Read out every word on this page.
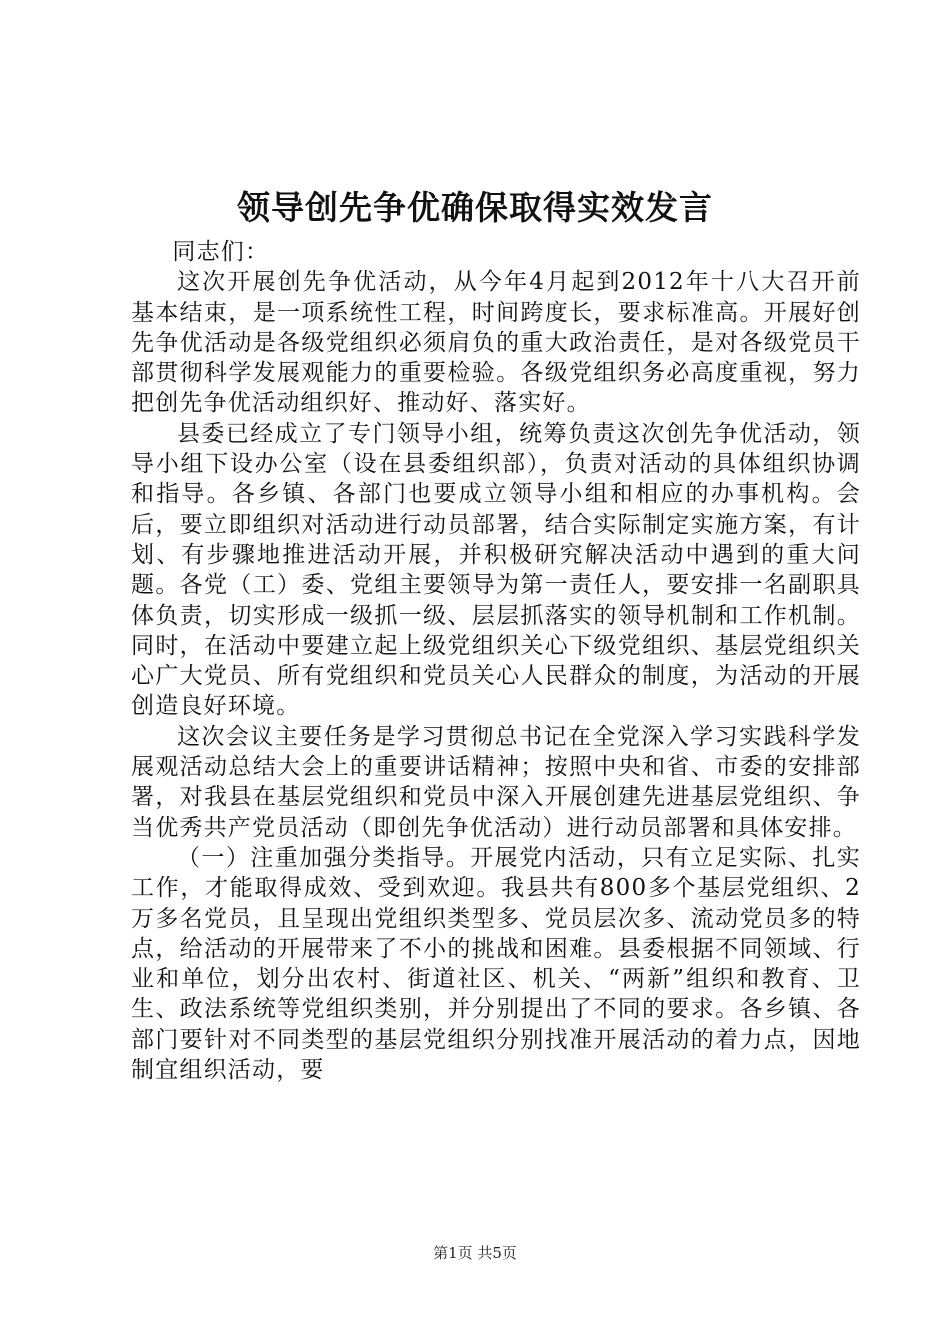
领导创先争优确保取得实效发言

同志们：

这次开展创先争优活动，从今年4月起到2012年十八大召开前基本结束，是一项系统性工程，时间跨度长，要求标准高。开展好创先争优活动是各级党组织必须肩负的重大政治责任，是对各级党员干部贯彻科学发展观能力的重要检验。各级党组织务必高度重视，努力把创先争优活动组织好、推动好、落实好。

县委已经成立了专门领导小组，统筹负责这次创先争优活动，领导小组下设办公室（设在县委组织部），负责对活动的具体组织协调和指导。各乡镇、各部门也要成立领导小组和相应的办事机构。会后，要立即组织对活动进行动员部署，结合实际制定实施方案，有计划、有步骤地推进活动开展，并积极研究解决活动中遇到的重大问题。各党（工）委、党组主要领导为第一责任人，要安排一名副职具体负责，切实形成一级抓一级、层层抓落实的领导机制和工作机制。同时，在活动中要建立起上级党组织关心下级党组织、基层党组织关心广大党员、所有党组织和党员关心人民群众的制度，为活动的开展创造良好环境。

这次会议主要任务是学习贯彻总书记在全党深入学习实践科学发展观活动总结大会上的重要讲话精神；按照中央和省、市委的安排部署，对我县在基层党组织和党员中深入开展创建先进基层党组织、争当优秀共产党员活动（即创先争优活动）进行动员部署和具体安排。

（一）注重加强分类指导。开展党内活动，只有立足实际、扎实工作，才能取得成效、受到欢迎。我县共有800多个基层党组织、2万多名党员，且呈现出党组织类型多、党员层次多、流动党员多的特点，给活动的开展带来了不小的挑战和困难。县委根据不同领域、行业和单位，划分出农村、街道社区、机关、“两新”组织和教育、卫生、政法系统等党组织类别，并分别提出了不同的要求。各乡镇、各部门要针对不同类型的基层党组织分别找准开展活动的着力点，因地制宜组织活动，要

第1页 共5页
